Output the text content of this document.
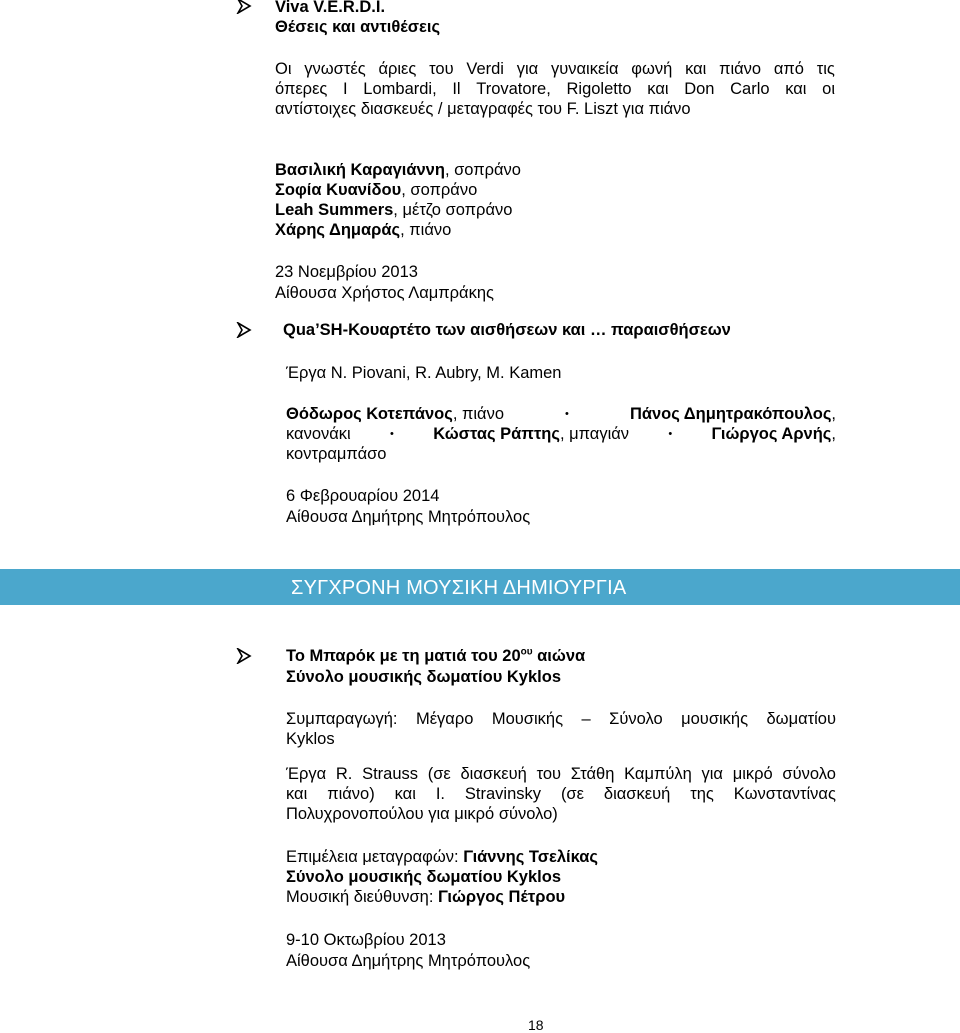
Viva V.E.R.D.I.
Θέσεις και αντιθέσεις
Οι γνωστές άριες του Verdi για γυναικεία φωνή και πιάνο από τις
όπερες I Lombardi, Il Trovatore, Rigoletto και Don Carlo και οι
αντίστοιχες διασκευές / μεταγραφές του F. Liszt για πιάνο
Βασιλική Καραγιάννη, σοπράνο
Σοφία Κυανίδου, σοπράνο
Leah Summers, μέτζο σοπράνο
Χάρης Δημαράς, πιάνο
23 Νοεμβρίου 2013
Αίθουσα Χρήστος Λαμπράκης
Qua’SH-Κουαρτέτο των αισθήσεων και … παραισθήσεων
Έργα N. Piovani, R. Aubry, M. Kamen
Θόδωρος Κοτεπάνος, πιάνο	•	Πάνος Δημητρακόπουλος,
κανονάκι	• Κώστας Ράπτης, μπαγιάν	• Γιώργος Αρνής,
κοντραμπάσο
6 Φεβρουαρίου 2014
Αίθουσα Δημήτρης Μητρόπουλος
ΣΥΓΧΡΟΝΗ ΜΟΥΣΙΚΗ ΔΗΜΙΟΥΡΓΙΑ
Το Μπαρόκ με τη ματιά του $20^{o\upsilon}$ αιώνα
Σύνολο μουσικής δωματίου Kyklos
Συμπαραγωγή: Μέγαρο Μουσικής – Σύνολο μουσικής δωματίου
Kyklos
Έργα R. Strauss (σε διασκευή του Στάθη Καμπύλη για μικρό σύνολο
και πιάνο) και I. Stravinsky (σε διασκευή της Κωνσταντίνας
Πολυχρονοπούλου για μικρό σύνολο)
Επιμέλεια μεταγραφών: Γιάννης Τσελίκας
Σύνολο μουσικής δωματίου Kyklos
Μουσική διεύθυνση: Γιώργος Πέτρου
9-10 Οκτωβρίου 2013
Αίθουσα Δημήτρης Μητρόπουλος
18
